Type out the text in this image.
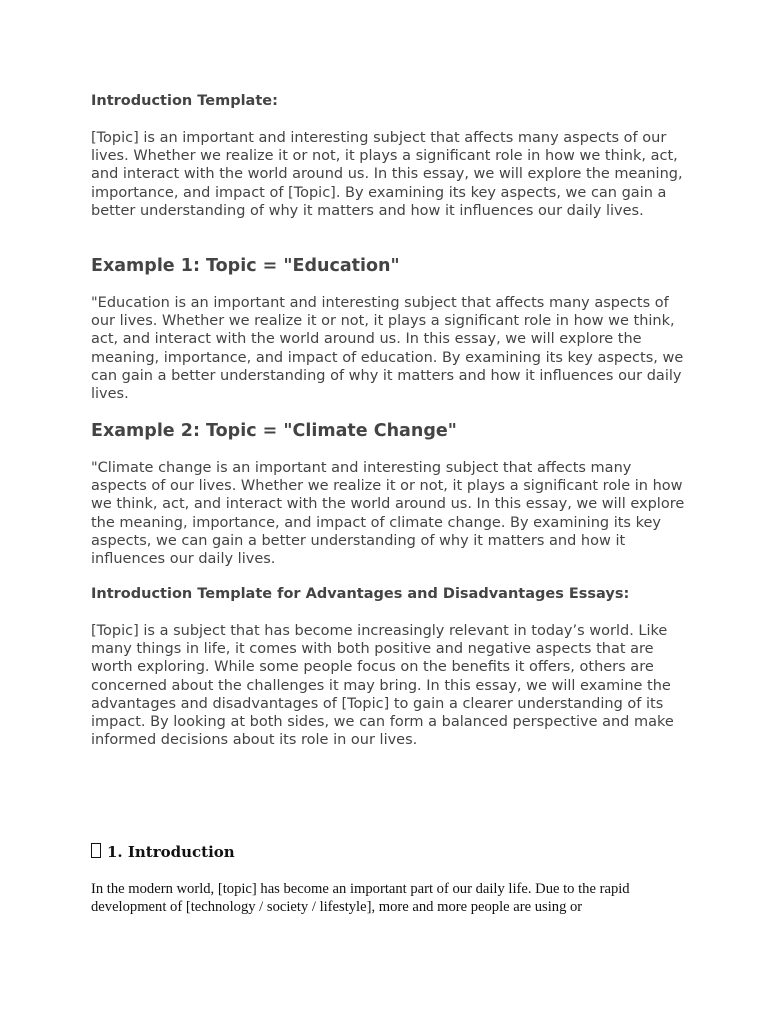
Introduction Template:

[Topic] is an important and interesting subject that affects many aspects of our lives. Whether we realize it or not, it plays a significant role in how we think, act, and interact with the world around us. In this essay, we will explore the meaning, importance, and impact of [Topic]. By examining its key aspects, we can gain a better understanding of why it matters and how it influences our daily lives.

Example 1: Topic = "Education"

"Education is an important and interesting subject that affects many aspects of our lives. Whether we realize it or not, it plays a significant role in how we think, act, and interact with the world around us. In this essay, we will explore the meaning, importance, and impact of education. By examining its key aspects, we can gain a better understanding of why it matters and how it influences our daily lives.

Example 2: Topic = "Climate Change"

"Climate change is an important and interesting subject that affects many aspects of our lives. Whether we realize it or not, it plays a significant role in how we think, act, and interact with the world around us. In this essay, we will explore the meaning, importance, and impact of climate change. By examining its key aspects, we can gain a better understanding of why it matters and how it influences our daily lives.

Introduction Template for Advantages and Disadvantages Essays:

[Topic] is a subject that has become increasingly relevant in today’s world. Like many things in life, it comes with both positive and negative aspects that are worth exploring. While some people focus on the benefits it offers, others are concerned about the challenges it may bring. In this essay, we will examine the advantages and disadvantages of [Topic] to gain a clearer understanding of its impact. By looking at both sides, we can form a balanced perspective and make informed decisions about its role in our lives.

1. Introduction

In the modern world, [topic] has become an important part of our daily life. Due to the rapid development of [technology / society / lifestyle], more and more people are using or
